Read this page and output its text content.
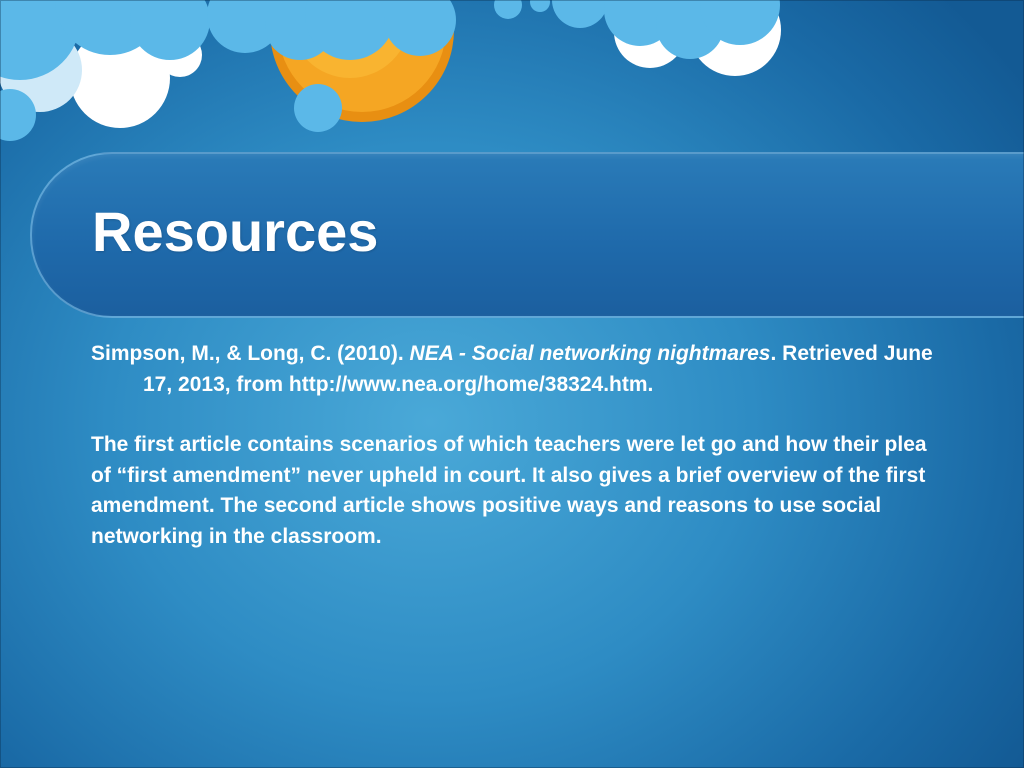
Resources

Simpson, M., & Long, C. (2010). NEA - Social networking nightmares. Retrieved June 17, 2013, from http://www.nea.org/home/38324.htm.

The first article contains scenarios of which teachers were let go and how their plea of “first amendment” never upheld in court. It also gives a brief overview of the first amendment. The second article shows positive ways and reasons to use social networking in the classroom.
